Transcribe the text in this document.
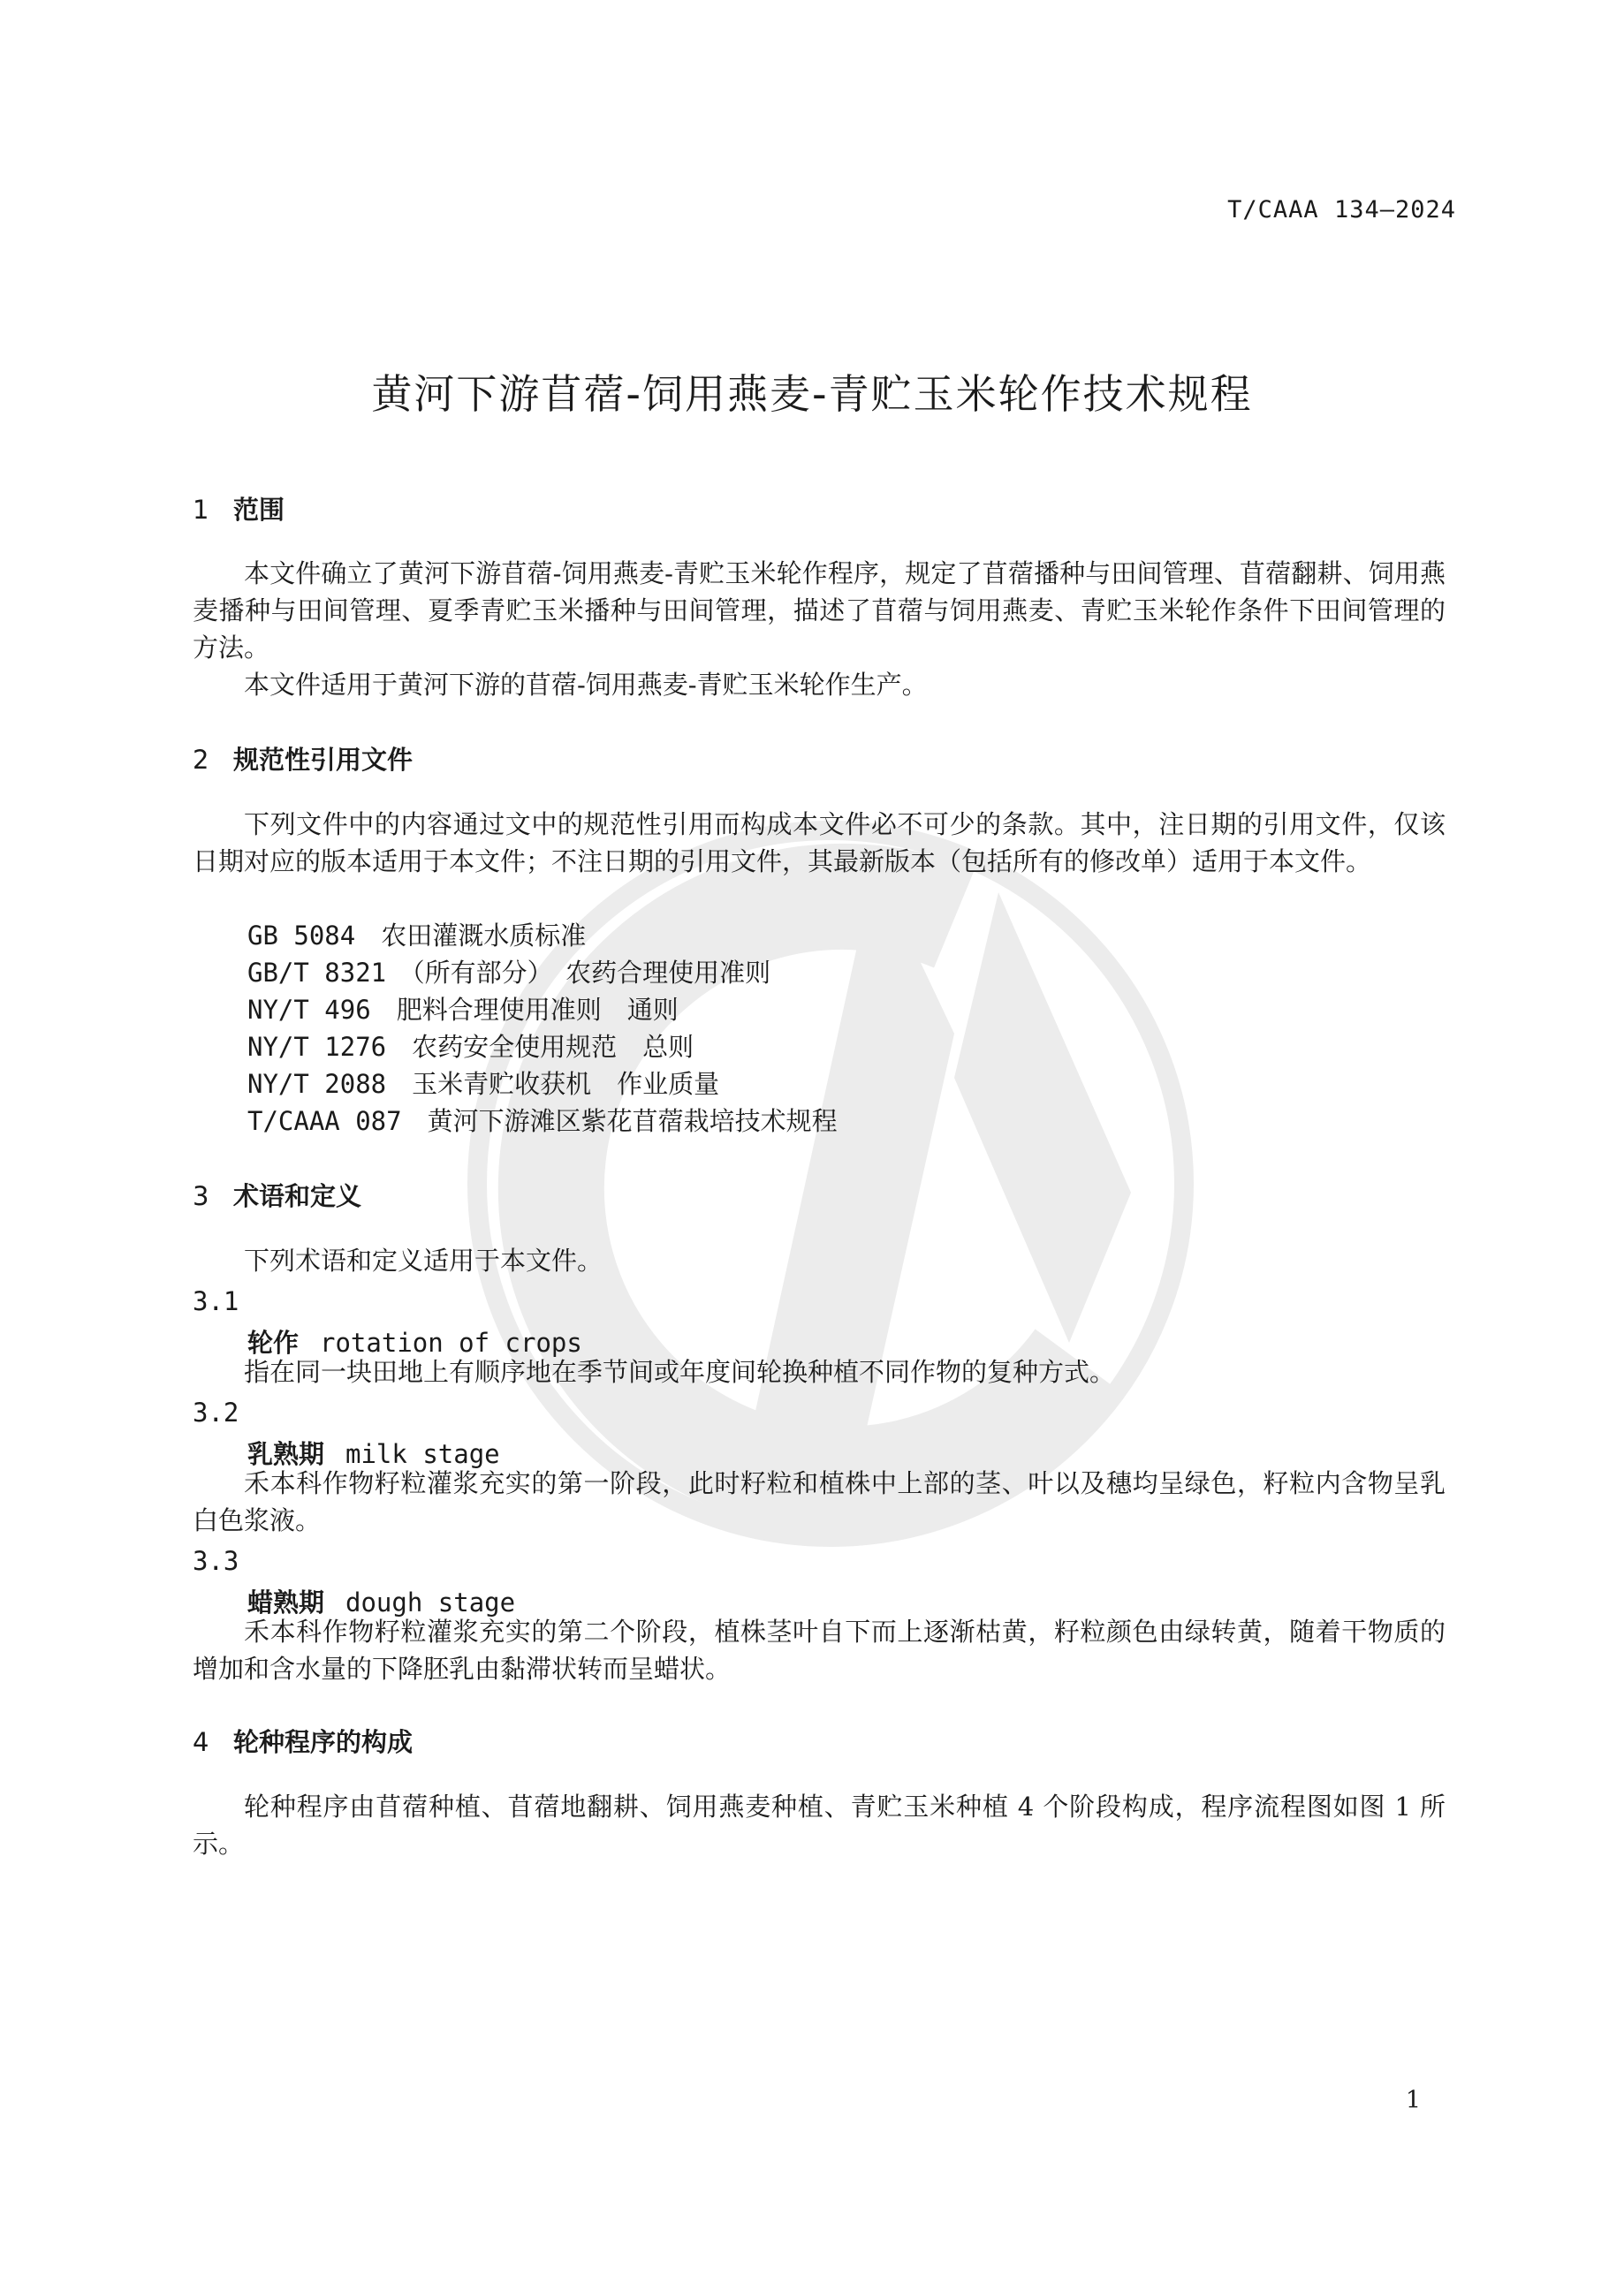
T/CAAA 134—2024
黄河下游苜蓿-饲用燕麦-青贮玉米轮作技术规程
1 范围
本文件确立了黄河下游苜蓿-饲用燕麦-青贮玉米轮作程序，规定了苜蓿播种与田间管理、苜蓿翻耕、饲用燕麦播种与田间管理、夏季青贮玉米播种与田间管理，描述了苜蓿与饲用燕麦、青贮玉米轮作条件下田间管理的方法。
本文件适用于黄河下游的苜蓿-饲用燕麦-青贮玉米轮作生产。
2 规范性引用文件
下列文件中的内容通过文中的规范性引用而构成本文件必不可少的条款。其中，注日期的引用文件，仅该日期对应的版本适用于本文件；不注日期的引用文件，其最新版本（包括所有的修改单）适用于本文件。
GB 5084　 农田灌溉水质标准
GB/T 8321　 （所有部分）　农药合理使用准则
NY/T 496　 肥料合理使用准则　通则
NY/T 1276　 农药安全使用规范　总则
NY/T 2088　 玉米青贮收获机　作业质量
T/CAAA 087　 黄河下游滩区紫花苜蓿栽培技术规程
3 术语和定义
下列术语和定义适用于本文件。
3.1
轮作 rotation of crops
指在同一块田地上有顺序地在季节间或年度间轮换种植不同作物的复种方式。
3.2
乳熟期 milk stage
禾本科作物籽粒灌浆充实的第一阶段，此时籽粒和植株中上部的茎、叶以及穗均呈绿色，籽粒内含物呈乳白色浆液。
3.3
蜡熟期 dough stage
禾本科作物籽粒灌浆充实的第二个阶段，植株茎叶自下而上逐渐枯黄，籽粒颜色由绿转黄，随着干物质的增加和含水量的下降胚乳由黏滞状转而呈蜡状。
4 轮种程序的构成
轮种程序由苜蓿种植、苜蓿地翻耕、饲用燕麦种植、青贮玉米种植 4 个阶段构成，程序流程图如图 1 所示。
1
